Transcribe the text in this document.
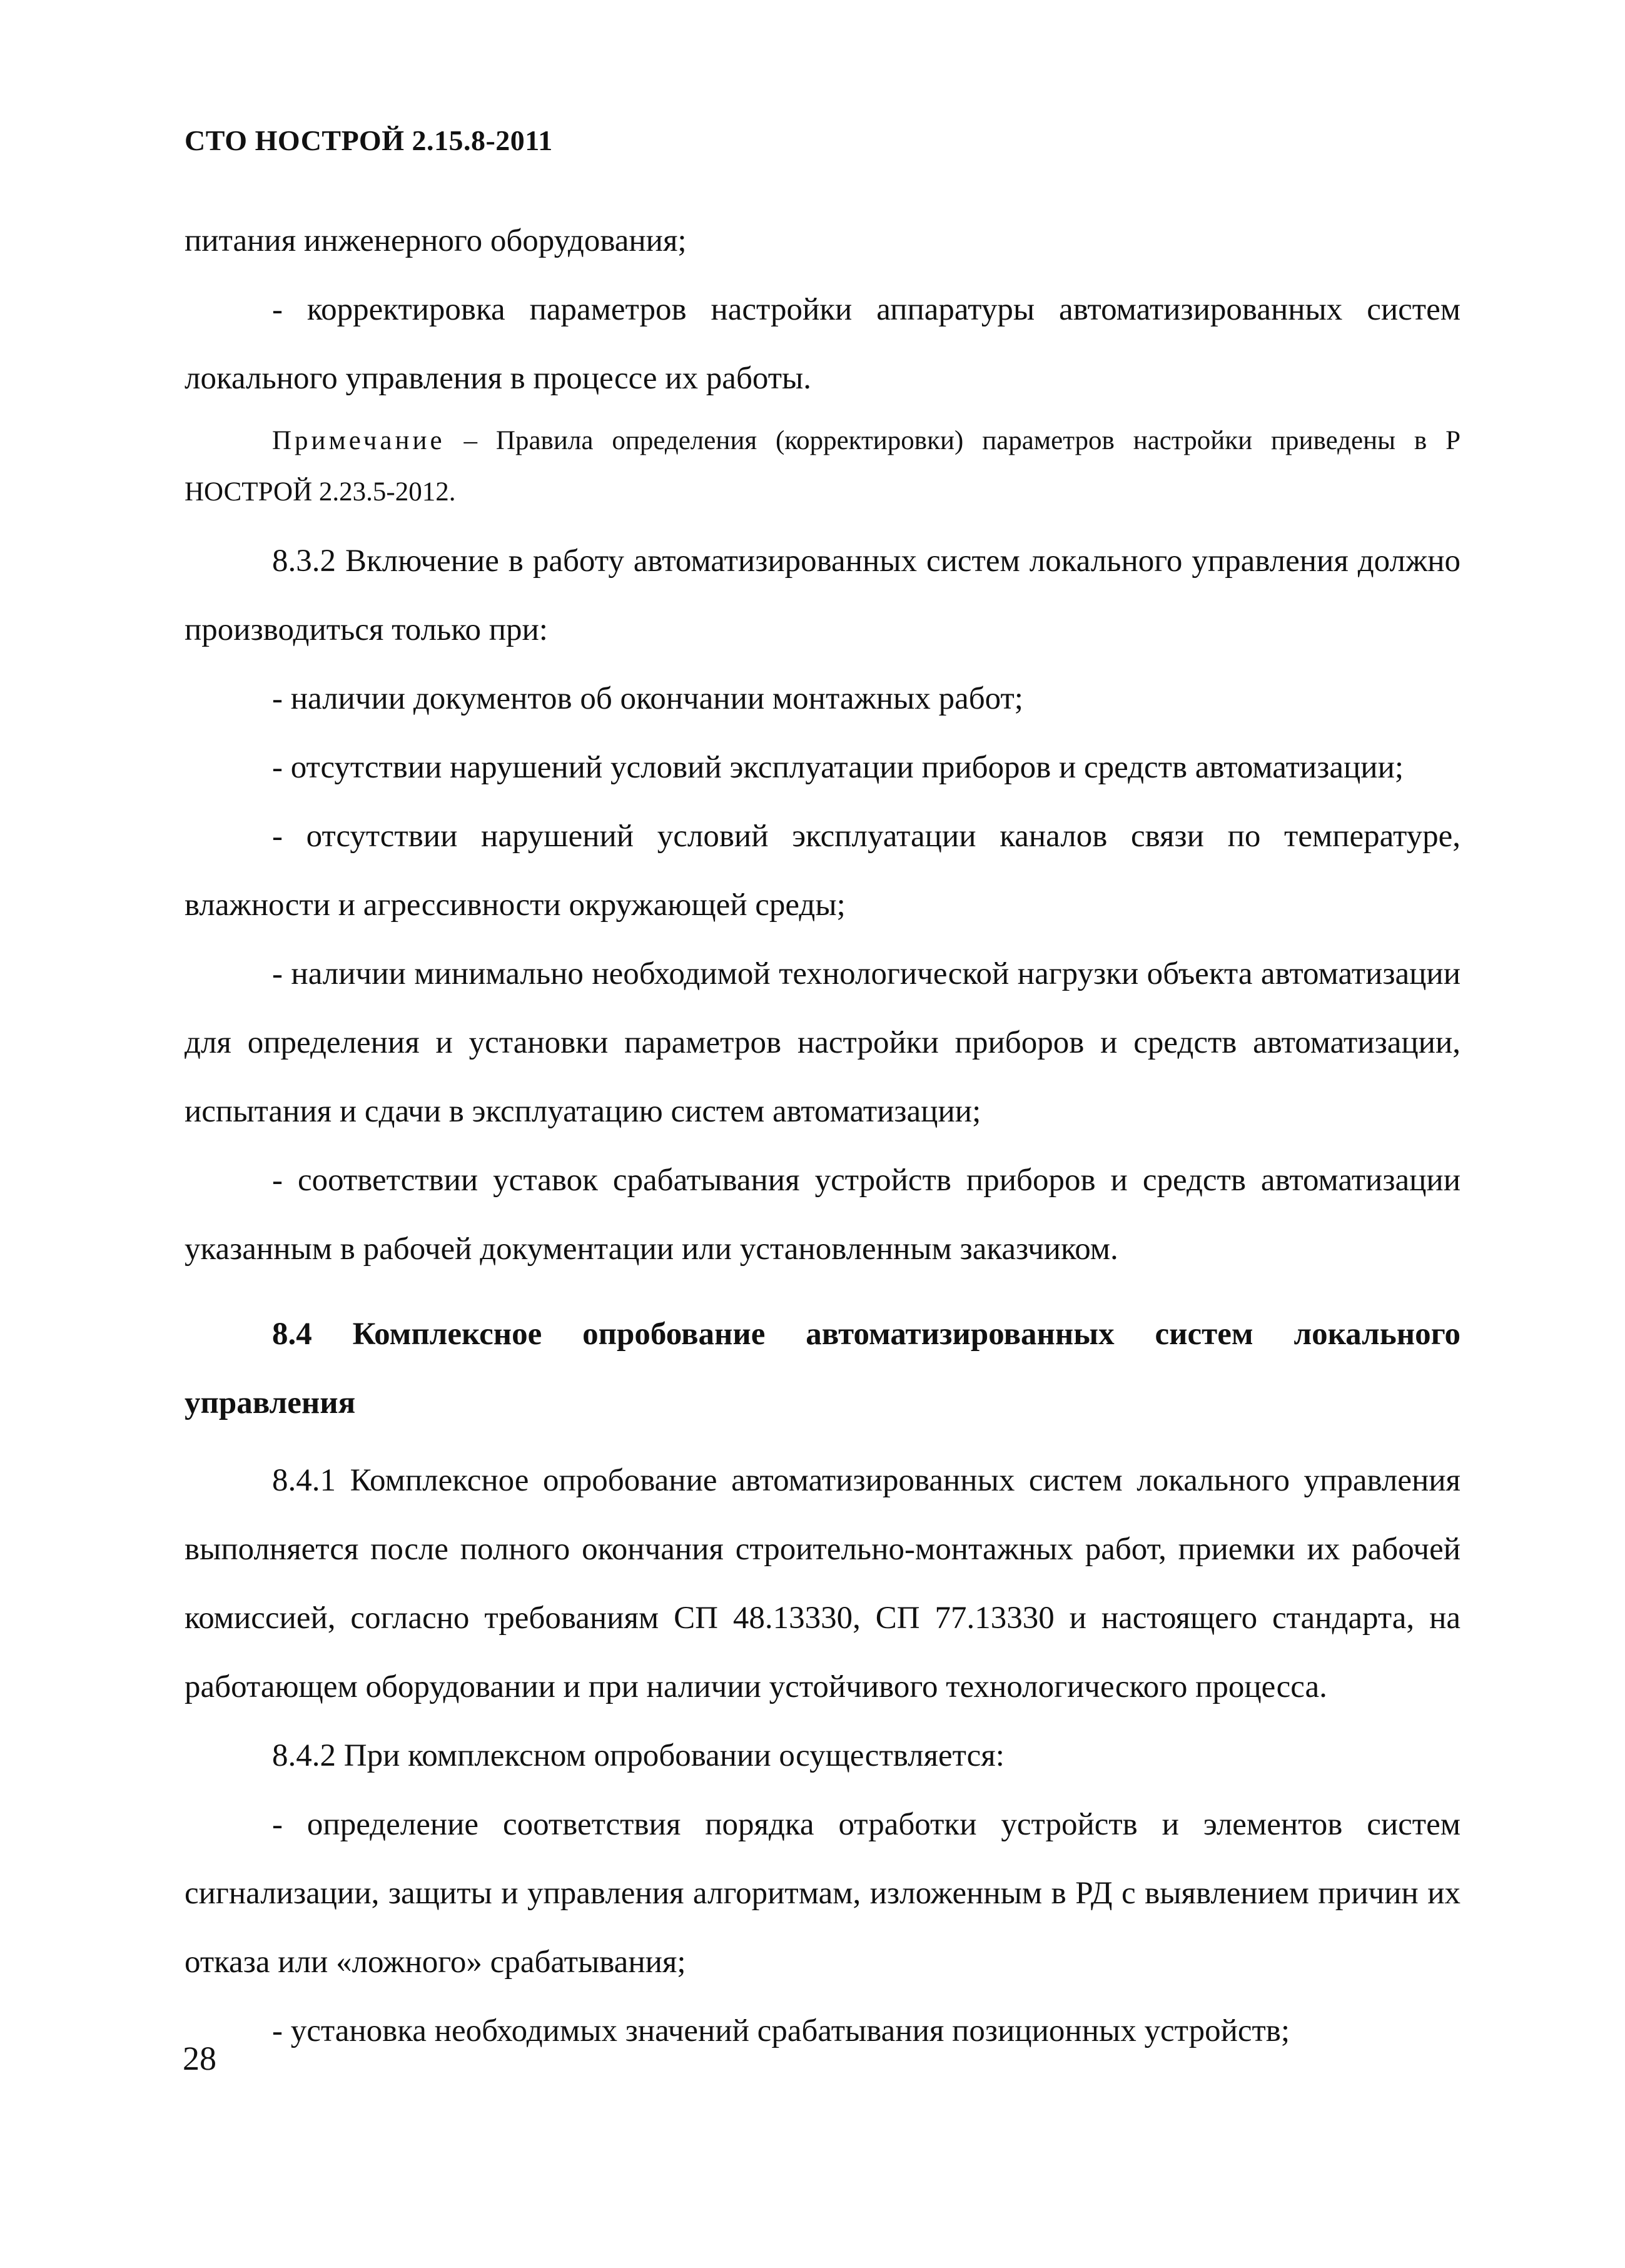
СТО НОСТРОЙ 2.15.8-2011

питания инженерного оборудования;

- корректировка параметров настройки аппаратуры автоматизированных систем локального управления в процессе их работы.

Примечание – Правила определения (корректировки) параметров настройки приведены в Р НОСТРОЙ 2.23.5-2012.

8.3.2 Включение в работу автоматизированных систем локального управления должно производиться только при:

- наличии документов об окончании монтажных работ;

- отсутствии нарушений условий эксплуатации приборов и средств автоматизации;

- отсутствии нарушений условий эксплуатации каналов связи по температуре, влажности и агрессивности окружающей среды;

- наличии минимально необходимой технологической нагрузки объекта автоматизации для определения и установки параметров настройки приборов и средств автоматизации, испытания и сдачи в эксплуатацию систем автоматизации;

- соответствии уставок срабатывания устройств приборов и средств автоматизации указанным в рабочей документации или установленным заказчиком.

8.4 Комплексное опробование автоматизированных систем локального управления

8.4.1 Комплексное опробование автоматизированных систем локального управления выполняется после полного окончания строительно-монтажных работ, приемки их рабочей комиссией, согласно требованиям СП 48.13330, СП 77.13330 и настоящего стандарта, на работающем оборудовании и при наличии устойчивого технологического процесса.

8.4.2 При комплексном опробовании осуществляется:

- определение соответствия порядка отработки устройств и элементов систем сигнализации, защиты и управления алгоритмам, изложенным в РД с выявлением причин их отказа или «ложного» срабатывания;

- установка необходимых значений срабатывания позиционных устройств;

28
